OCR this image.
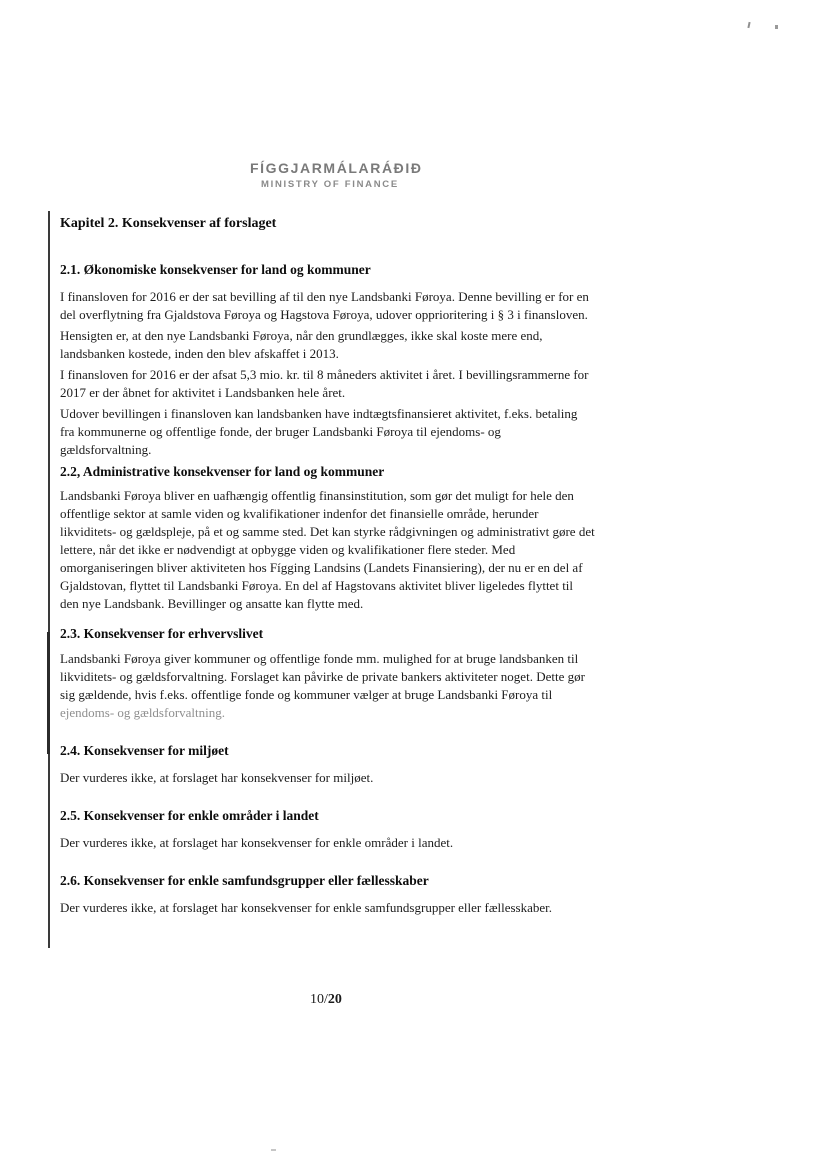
FÍGGJARMÁLARÁÐIÐ
MINISTRY OF FINANCE
Kapitel 2. Konsekvenser af forslaget
2.1. Økonomiske konsekvenser for land og kommuner

I finansloven for 2016 er der sat bevilling af til den nye Landsbanki Føroya. Denne bevilling er for en del overflytning fra Gjaldstova Føroya og Hagstova Føroya, udover opprioritering i § 3 i finansloven.

Hensigten er, at den nye Landsbanki Føroya, når den grundlægges, ikke skal koste mere end, landsbanken kostede, inden den blev afskaffet i 2013.

I finansloven for 2016 er der afsat 5,3 mio. kr. til 8 måneders aktivitet i året. I bevillingsrammerne for 2017 er der åbnet for aktivitet i Landsbanken hele året.

Udover bevillingen i finansloven kan landsbanken have indtægtsfinansieret aktivitet, f.eks. betaling fra kommunerne og offentlige fonde, der bruger Landsbanki Føroya til ejendoms- og gældsforvaltning.

2.2, Administrative konsekvenser for land og kommuner

Landsbanki Føroya bliver en uafhængig offentlig finansinstitution, som gør det muligt for hele den offentlige sektor at samle viden og kvalifikationer indenfor det finansielle område, herunder likviditets- og gældspleje, på et og samme sted. Det kan styrke rådgivningen og administrativt gøre det lettere, når det ikke er nødvendigt at opbygge viden og kvalifikationer flere steder. Med omorganiseringen bliver aktiviteten hos Fígging Landsins (Landets Finansiering), der nu er en del af Gjaldstovan, flyttet til Landsbanki Føroya. En del af Hagstovans aktivitet bliver ligeledes flyttet til den nye Landsbank. Bevillinger og ansatte kan flytte med.

2.3. Konsekvenser for erhvervslivet

Landsbanki Føroya giver kommuner og offentlige fonde mm. mulighed for at bruge landsbanken til likviditets- og gældsforvaltning. Forslaget kan påvirke de private bankers aktiviteter noget. Dette gør sig gældende, hvis f.eks. offentlige fonde og kommuner vælger at bruge Landsbanki Føroya til ejendoms- og gældsforvaltning.

2.4. Konsekvenser for miljøet

Der vurderes ikke, at forslaget har konsekvenser for miljøet.

2.5. Konsekvenser for enkle områder i landet

Der vurderes ikke, at forslaget har konsekvenser for enkle områder i landet.

2.6. Konsekvenser for enkle samfundsgrupper eller fællesskaber

Der vurderes ikke, at forslaget har konsekvenser for enkle samfundsgrupper eller fællesskaber.

10/20
